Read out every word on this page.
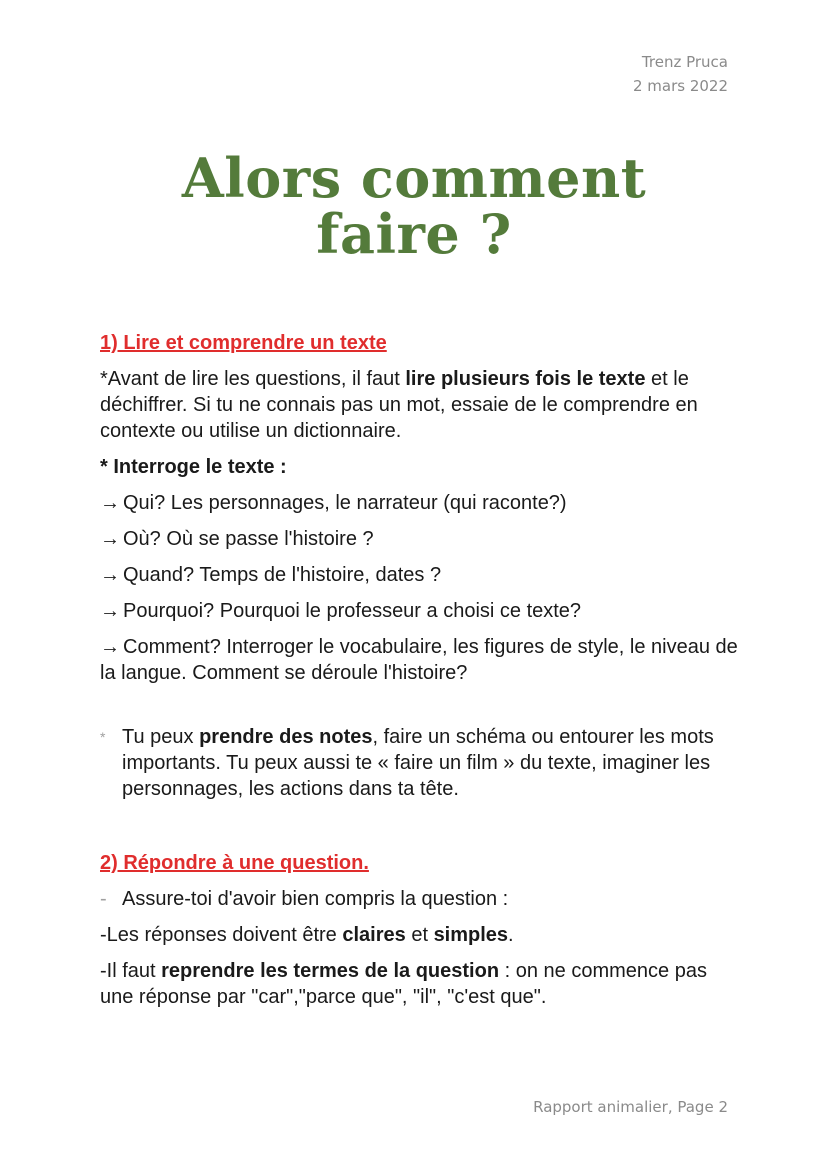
Trenz Pruca
2 mars 2022
Alors comment
faire ?

1) Lire et comprendre un texte

*Avant de lire les questions, il faut lire plusieurs fois le texte et le déchiffrer. Si tu ne connais pas un mot, essaie de le comprendre en contexte ou utilise un dictionnaire.

* Interroge le texte :

→ Qui? Les personnages, le narrateur (qui raconte?)

→ Où? Où se passe l'histoire ?

→ Quand? Temps de l'histoire, dates ?

→ Pourquoi? Pourquoi le professeur a choisi ce texte?

→ Comment? Interroger le vocabulaire, les figures de style, le niveau de la langue. Comment se déroule l'histoire?

* Tu peux prendre des notes, faire un schéma ou entourer les mots importants. Tu peux aussi te « faire un film » du texte, imaginer les personnages, les actions dans ta tête.

2) Répondre à une question.

- Assure-toi d'avoir bien compris la question :

-Les réponses doivent être claires et simples.

-Il faut reprendre les termes de la question : on ne commence pas une réponse par "car","parce que", "il", "c'est que".

Rapport animalier, Page 2
